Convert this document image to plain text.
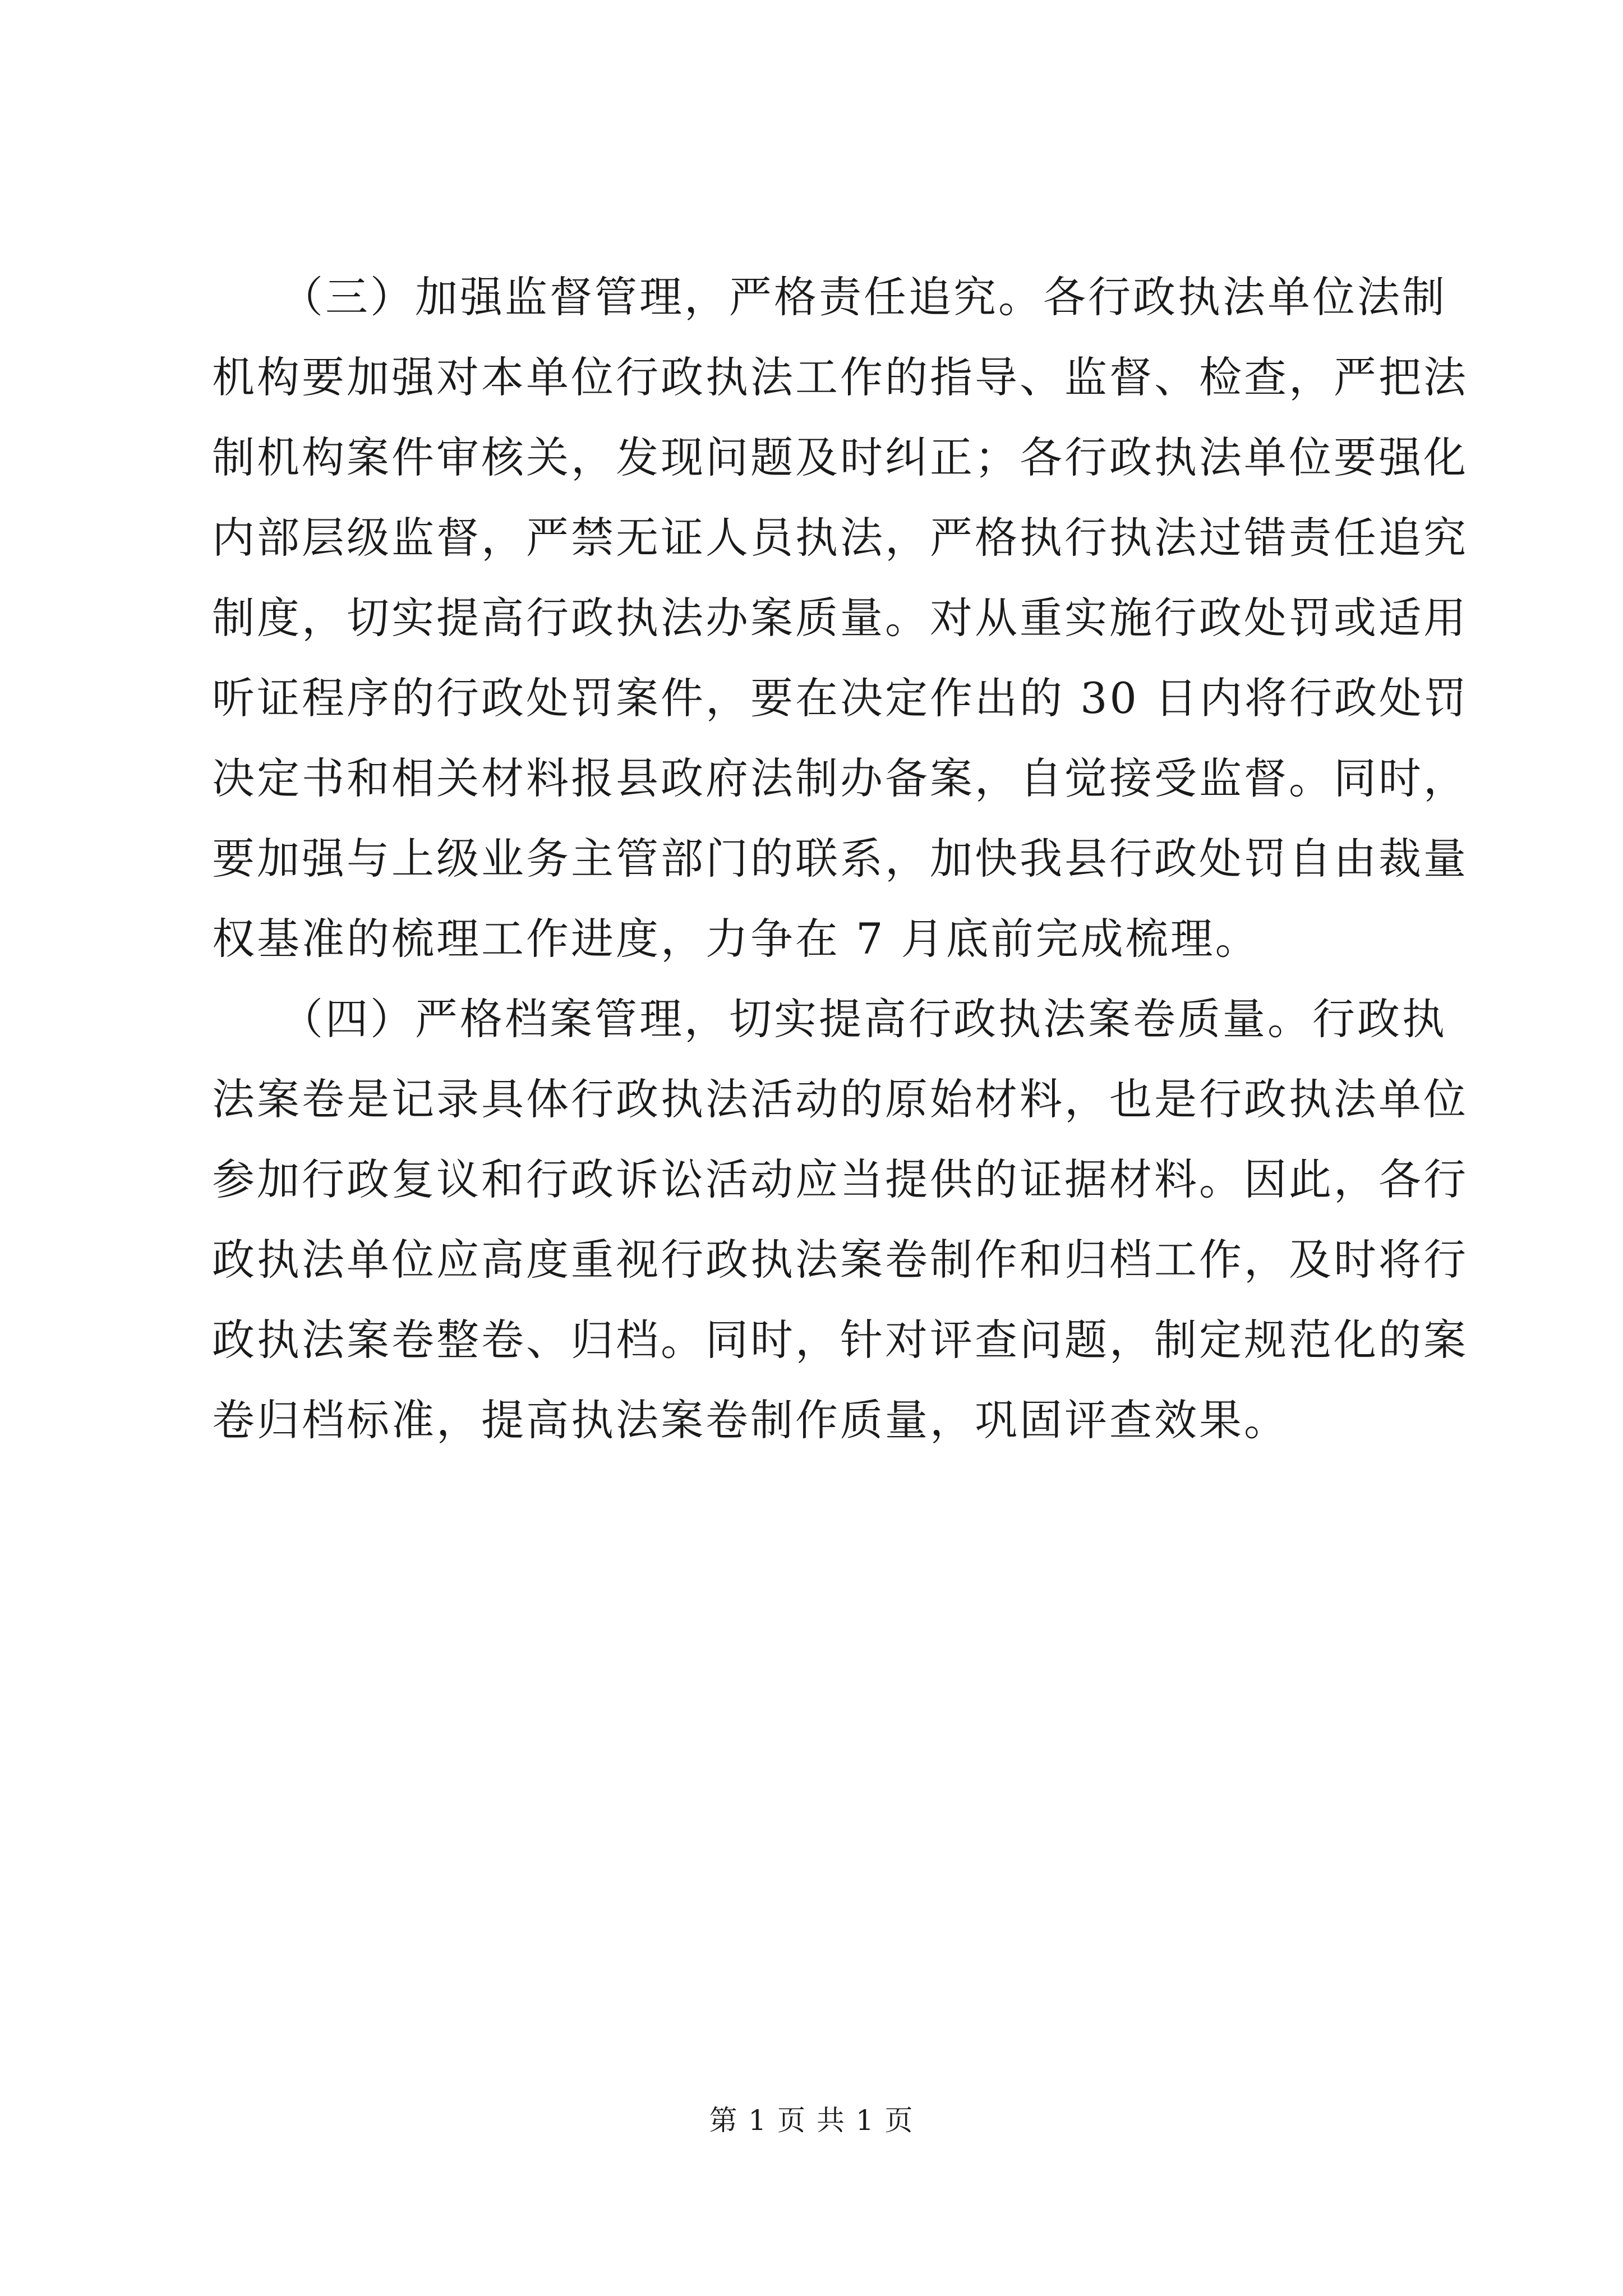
　　（三）加强监督管理，严格责任追究。各行政执法单位法制
机构要加强对本单位行政执法工作的指导、监督、检查，严把法
制机构案件审核关，发现问题及时纠正；各行政执法单位要强化
内部层级监督，严禁无证人员执法，严格执行执法过错责任追究
制度，切实提高行政执法办案质量。对从重实施行政处罚或适用
听证程序的行政处罚案件，要在决定作出的 30 日内将行政处罚
决定书和相关材料报县政府法制办备案，自觉接受监督。同时，
要加强与上级业务主管部门的联系，加快我县行政处罚自由裁量
权基准的梳理工作进度，力争在 7 月底前完成梳理。
　　（四）严格档案管理，切实提高行政执法案卷质量。行政执
法案卷是记录具体行政执法活动的原始材料，也是行政执法单位
参加行政复议和行政诉讼活动应当提供的证据材料。因此，各行
政执法单位应高度重视行政执法案卷制作和归档工作，及时将行
政执法案卷整卷、归档。同时，针对评查问题，制定规范化的案
卷归档标准，提高执法案卷制作质量，巩固评查效果。
第 1 页 共 1 页
